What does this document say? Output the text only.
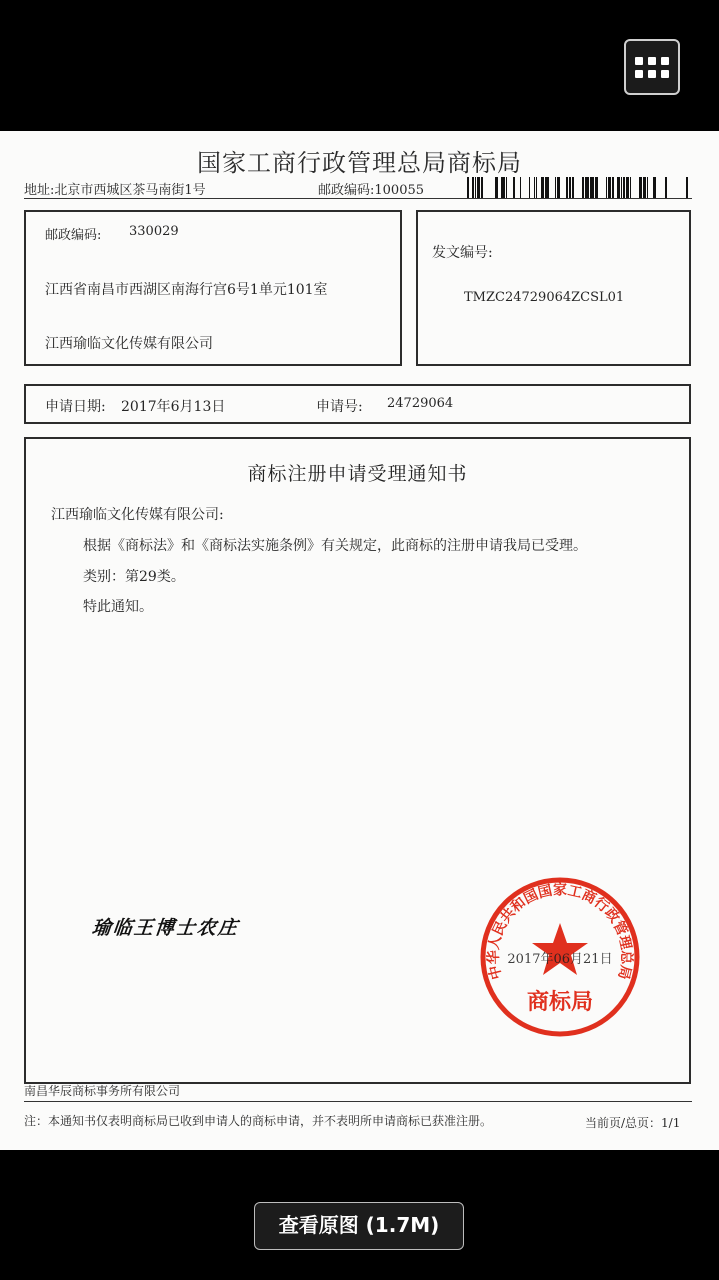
国家工商行政管理总局商标局
地址:北京市西城区茶马南街1号	邮政编码:100055
邮政编码: 330029
江西省南昌市西湖区南海行宫6号1单元101室
江西瑜临文化传媒有限公司
发文编号:
TMZC24729064ZCSL01
申请日期: 2017年6月13日	申请号: 24729064
商标注册申请受理通知书
江西瑜临文化传媒有限公司:
根据《商标法》和《商标法实施条例》有关规定，此商标的注册申请我局已受理。
类别：第29类。
特此通知。
瑜临王博士农庄
中华人民共和国国家工商行政管理总局
2017年06月21日
商标局
南昌华辰商标事务所有限公司
注：本通知书仅表明商标局已收到申请人的商标申请，并不表明所申请商标已获准注册。	当前页/总页：1/1
查看原图 (1.7M)
